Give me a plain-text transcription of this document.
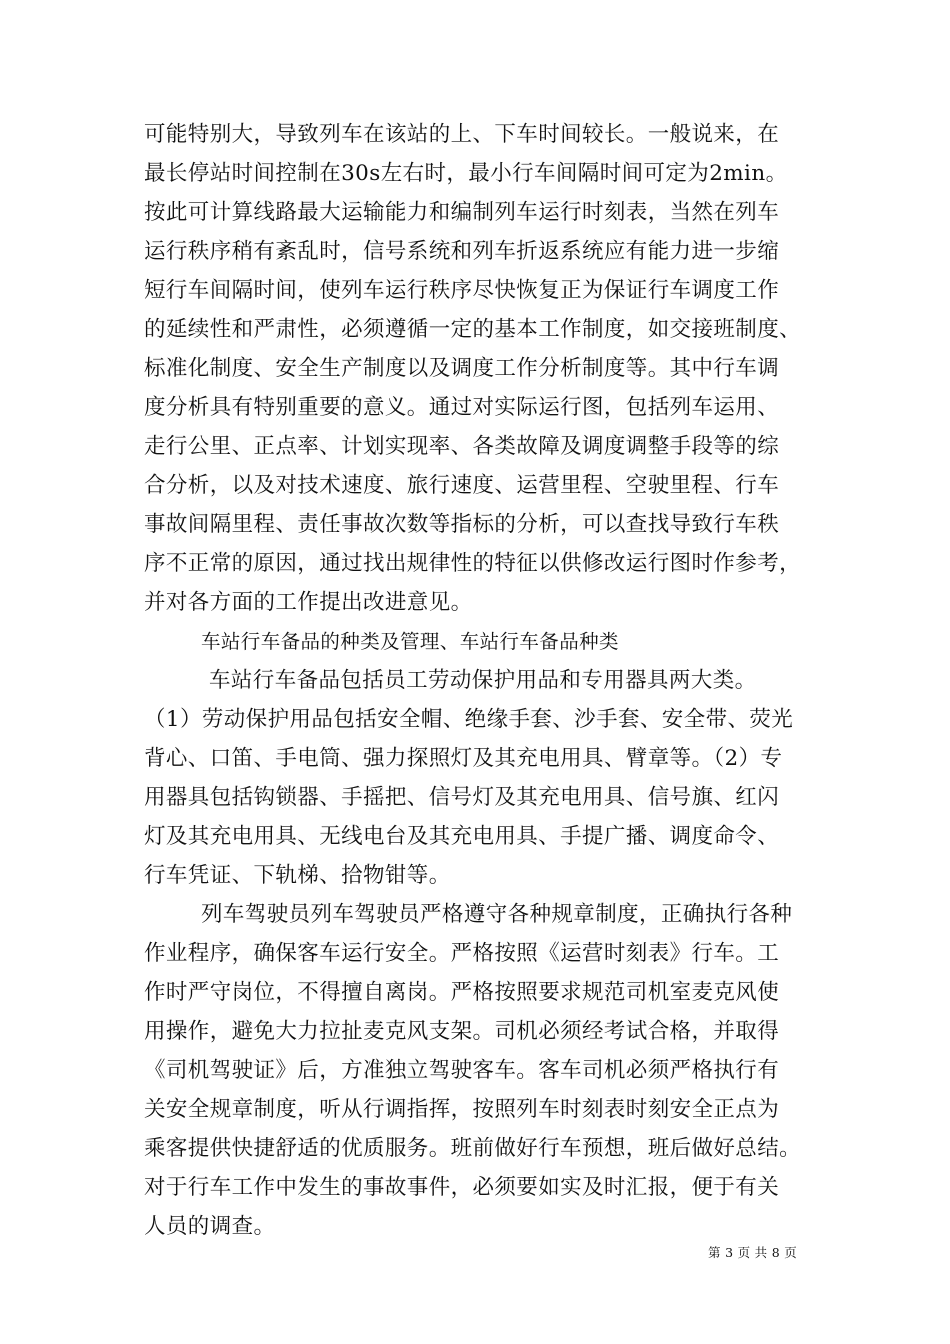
可能特别大，导致列车在该站的上、下车时间较长。一般说来，在
最长停站时间控制在30s左右时，最小行车间隔时间可定为2min。
按此可计算线路最大运输能力和编制列车运行时刻表，当然在列车
运行秩序稍有紊乱时，信号系统和列车折返系统应有能力进一步缩
短行车间隔时间，使列车运行秩序尽快恢复正为保证行车调度工作
的延续性和严肃性，必须遵循一定的基本工作制度，如交接班制度、
标准化制度、安全生产制度以及调度工作分析制度等。其中行车调
度分析具有特别重要的意义。通过对实际运行图，包括列车运用、
走行公里、正点率、计划实现率、各类故障及调度调整手段等的综
合分析，以及对技术速度、旅行速度、运营里程、空驶里程、行车
事故间隔里程、责任事故次数等指标的分析，可以查找导致行车秩
序不正常的原因，通过找出规律性的特征以供修改运行图时作参考，
并对各方面的工作提出改进意见。
车站行车备品的种类及管理、车站行车备品种类
车站行车备品包括员工劳动保护用品和专用器具两大类。
（1）劳动保护用品包括安全帽、绝缘手套、沙手套、安全带、荧光
背心、口笛、手电筒、强力探照灯及其充电用具、臂章等。（2）专
用器具包括钩锁器、手摇把、信号灯及其充电用具、信号旗、红闪
灯及其充电用具、无线电台及其充电用具、手提广播、调度命令、
行车凭证、下轨梯、拾物钳等。
列车驾驶员列车驾驶员严格遵守各种规章制度，正确执行各种
作业程序，确保客车运行安全。严格按照《运营时刻表》行车。工
作时严守岗位，不得擅自离岗。严格按照要求规范司机室麦克风使
用操作，避免大力拉扯麦克风支架。司机必须经考试合格，并取得
《司机驾驶证》后，方准独立驾驶客车。客车司机必须严格执行有
关安全规章制度，听从行调指挥，按照列车时刻表时刻安全正点为
乘客提供快捷舒适的优质服务。班前做好行车预想，班后做好总结。
对于行车工作中发生的事故事件，必须要如实及时汇报，便于有关
人员的调查。
第 3 页 共 8 页
